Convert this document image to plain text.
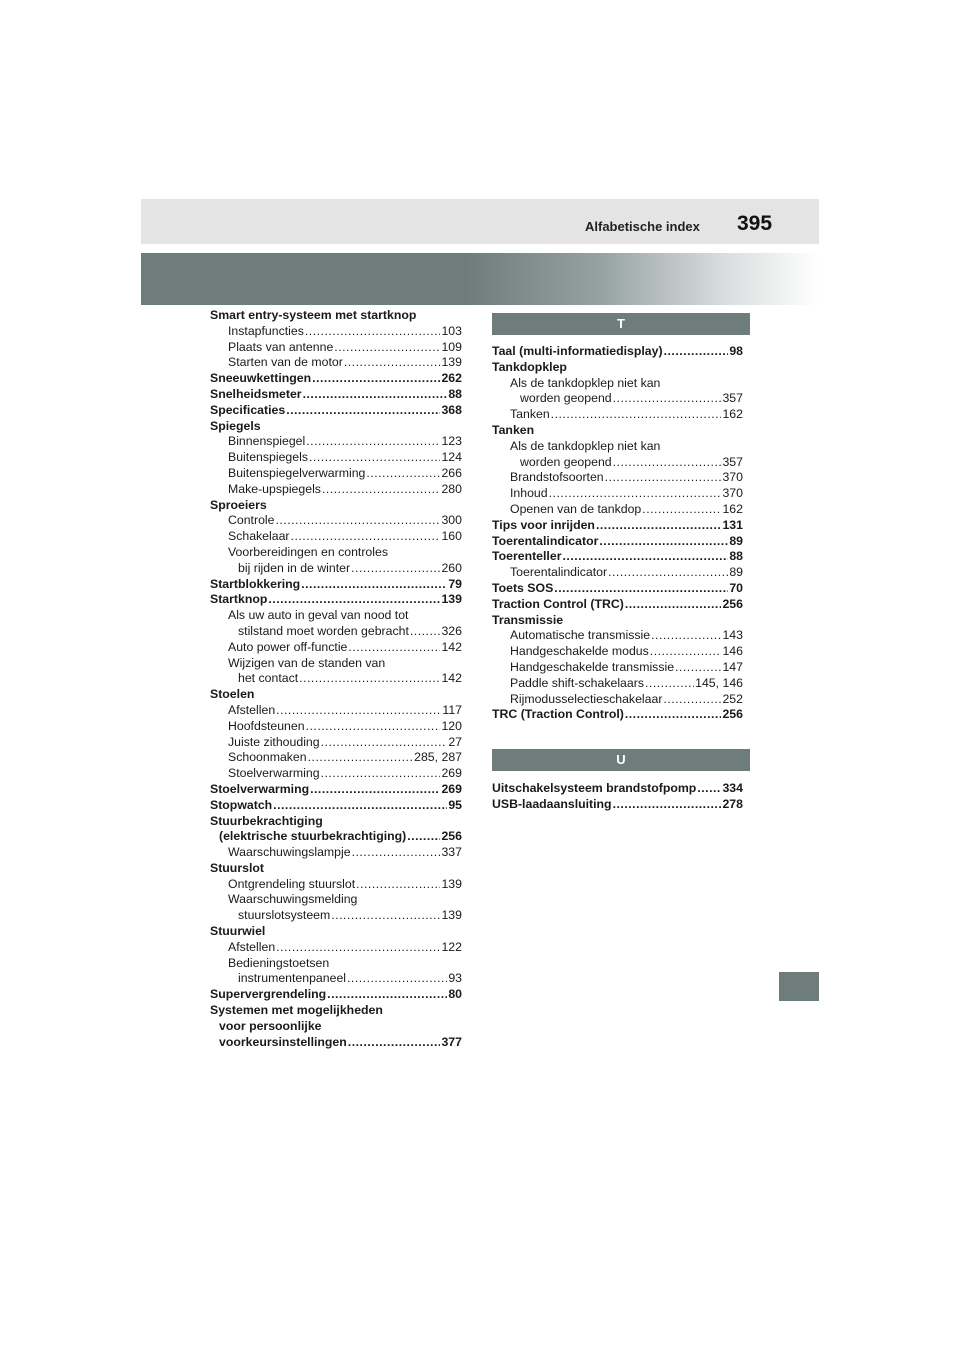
Alfabetische index 395
Smart entry-systeem met startknop
Instapfuncties .....	103
Plaats van antenne .....	109
Starten van de motor .....	139
Sneeuwkettingen .....	262
Snelheidsmeter .....	88
Specificaties .....	368
Spiegels
Binnenspiegel .....	123
Buitenspiegels .....	124
Buitenspiegelverwarming .....	266
Make-upspiegels .....	280
Sproeiers
Controle .....	300
Schakelaar .....	160
Voorbereidingen en controles
bij rijden in de winter .....	260
Startblokkering .....	79
Startknop .....	139
Als uw auto in geval van nood tot
stilstand moet worden gebracht .....	326
Auto power off-functie .....	142
Wijzigen van de standen van
het contact .....	142
Stoelen
Afstellen .....	117
Hoofdsteunen .....	120
Juiste zithouding .....	27
Schoonmaken .....	285, 287
Stoelverwarming .....	269
Stoelverwarming .....	269
Stopwatch .....	95
Stuurbekrachtiging
(elektrische stuurbekrachtiging) .....	256
Waarschuwingslampje .....	337
Stuurslot
Ontgrendeling stuurslot .....	139
Waarschuwingsmelding
stuurslotsysteem .....	139
Stuurwiel
Afstellen .....	122
Bedieningstoetsen
instrumentenpaneel .....	93
Supervergrendeling .....	80
Systemen met mogelijkheden
voor persoonlijke
voorkeursinstellingen .....	377
T
Taal (multi-informatiedisplay) .....	98
Tankdopklep
Als de tankdopklep niet kan
worden geopend .....	357
Tanken .....	162
Tanken
Als de tankdopklep niet kan
worden geopend .....	357
Brandstofsoorten .....	370
Inhoud .....	370
Openen van de tankdop .....	162
Tips voor inrijden .....	131
Toerentalindicator .....	89
Toerenteller .....	88
Toerentalindicator .....	89
Toets SOS .....	70
Traction Control (TRC) .....	256
Transmissie
Automatische transmissie .....	143
Handgeschakelde modus .....	146
Handgeschakelde transmissie .....	147
Paddle shift-schakelaars .....	145, 146
Rijmodusselectieschakelaar .....	252
TRC (Traction Control) .....	256
U
Uitschakelsysteem brandstofpomp ..... 334
USB-laadaansluiting .....	278
